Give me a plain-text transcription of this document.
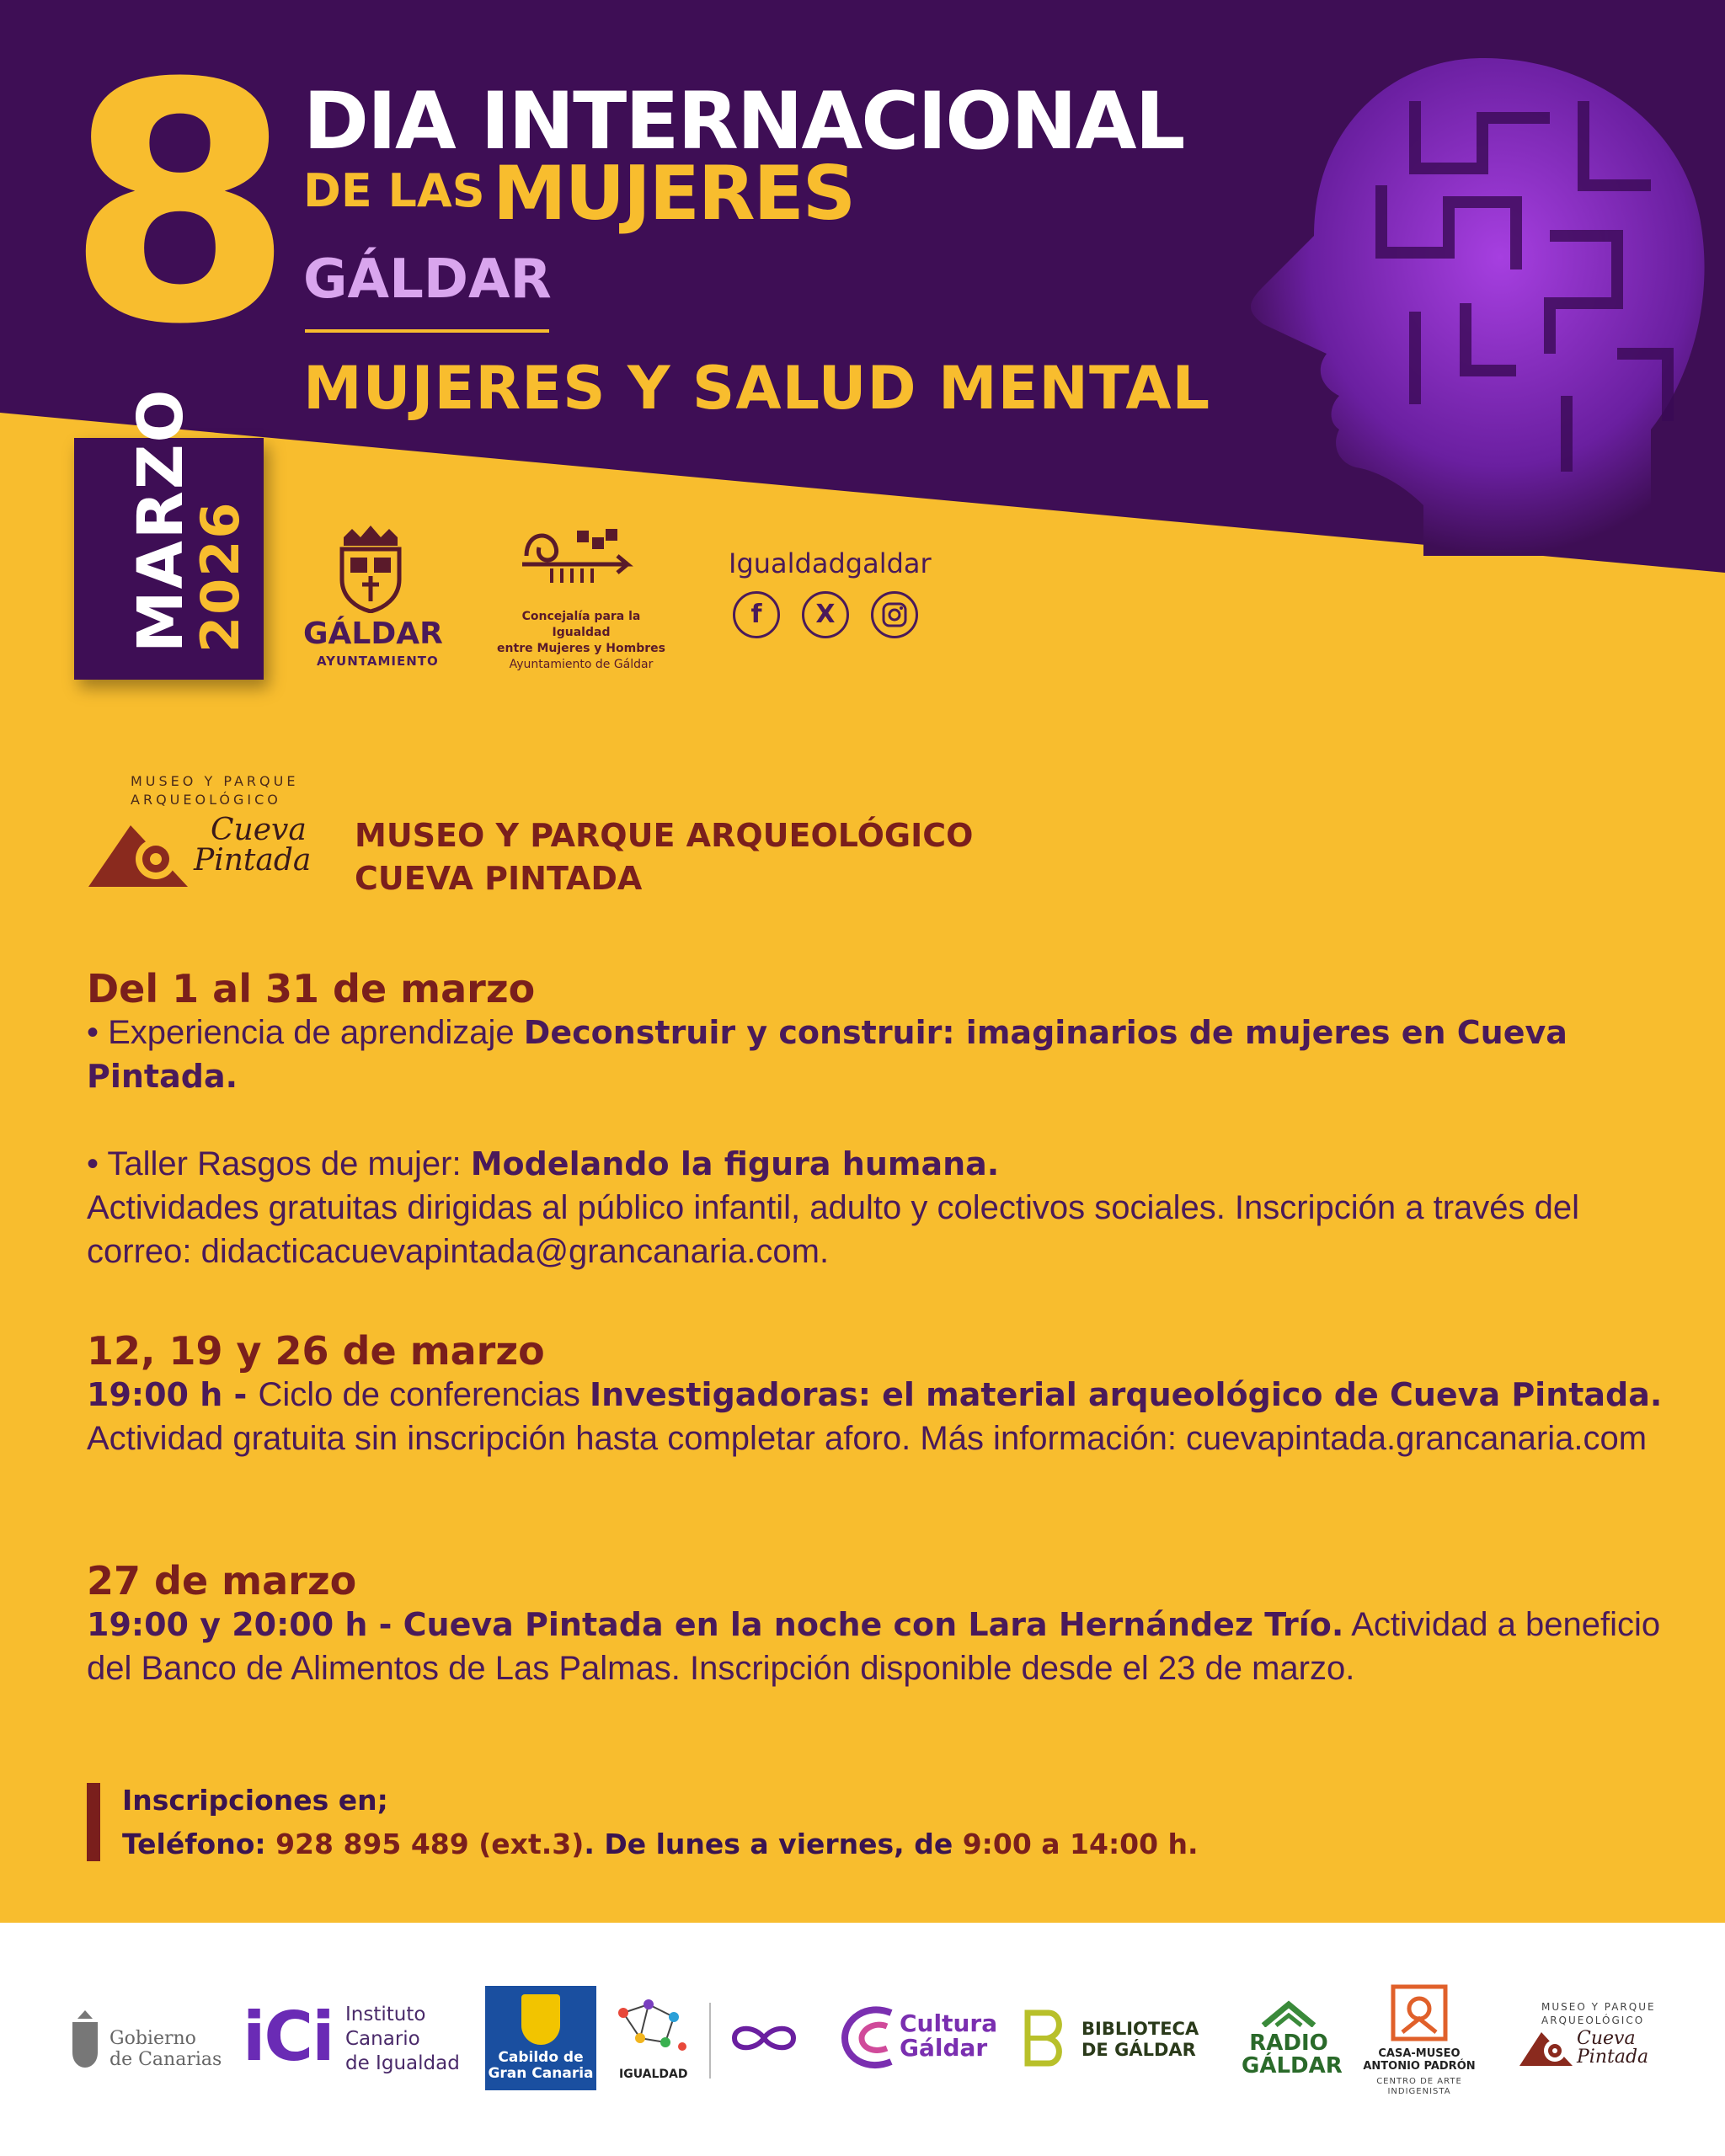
DIA INTERNACIONAL
DE LAS MUJERES
GÁLDAR
MUJERES Y SALUD MENTAL
8
MARZO
2026 GÁLDAR
AYUNTAMIENTO
Concejalía para la Igualdad
entre Mujeres y Hombres
Ayuntamiento de Gáldar
Igualdadgaldar
f	X
MUSEO Y PARQUE
ARQUEOLÓGICO
Cueva
Pintada
MUSEO Y PARQUE ARQUEOLÓGICO
CUEVA PINTADA
Del 1 al 31 de marzo
• Experiencia de aprendizaje Deconstruir y construir: imaginarios de mujeres en Cueva Pintada.
• Taller Rasgos de mujer: Modelando la figura humana.
Actividades gratuitas dirigidas al público infantil, adulto y colectivos sociales. Inscripción a través del correo: didacticacuevapintada@grancanaria.com.
12, 19 y 26 de marzo
19:00 h - Ciclo de conferencias Investigadoras: el material arqueológico de Cueva Pintada.
Actividad gratuita sin inscripción hasta completar aforo. Más información: cuevapintada.grancanaria.com
27 de marzo
19:00 y 20:00 h - Cueva Pintada en la noche con Lara Hernández Trío. Actividad a beneficio del Banco de Alimentos de Las Palmas. Inscripción disponible desde el 23 de marzo.
Inscripciones en;
Teléfono: 928 895 489 (ext.3). De lunes a viernes, de 9:00 a 14:00 h.
Gobierno
de Canarias iCi Instituto
Canario
de Igualdad	Cabildo de
Gran Canaria IGUALDAD
Cultura
Gáldar
BIBLIOTECA
DE GÁLDAR	RADIO
GÁLDAR	CASA-MUSEO
ANTONIO PADRÓN
CENTRO DE ARTE
INDIGENISTA
MUSEO Y PARQUE
ARQUEOLÓGICO
Cueva
Pintada
